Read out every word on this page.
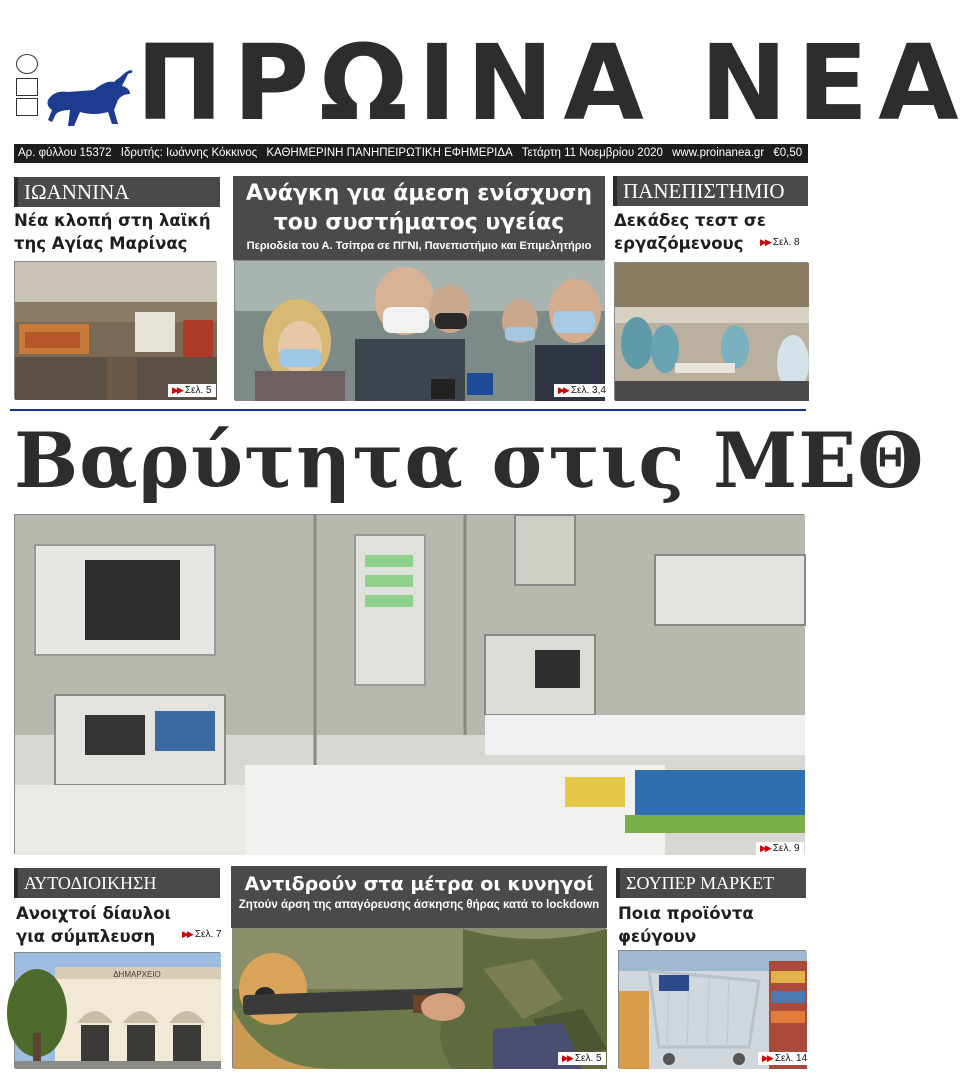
ΠΡΩΙΝΑ ΝΕΑ
Αρ. φύλλου 15372 Ιδρυτής: Ιωάννης Κόκκινος ΚΑΘΗΜΕΡΙΝΗ ΠΑΝΗΠΕΙΡΩΤΙΚΗ ΕΦΗΜΕΡΙΔΑ Τετάρτη 11 Νοεμβρίου 2020 www.proinanea.gr €0,50
ΙΩΑΝΝΙΝΑ
Νέα κλοπή στη λαϊκή
της Αγίας Μαρίνας
▶▶ Σελ. 5
Ανάγκη για άμεση ενίσχυση
του συστήματος υγείας
Περιοδεία του Α. Τσίπρα σε ΠΓΝΙ, Πανεπιστήμιο και Επιμελητήριο
▶▶ Σελ. 3,4
ΠΑΝΕΠΙΣΤΗΜΙΟ
Δεκάδες τεστ σε
εργαζόμενους	▶▶ Σελ. 8
Βαρύτητα στις ΜΕΘ
▶▶ Σελ. 9
ΑΥΤΟΔΙΟΙΚΗΣΗ
Ανοιχτοί δίαυλοι
για σύμπλευση	▶▶ Σελ. 7
ΔΗΜΑΡΧΕΙΟ
Αντιδρούν στα μέτρα οι κυνηγοί
Ζητούν άρση της απαγόρευσης άσκησης θήρας κατά το lockdown
▶▶ Σελ. 5
ΣΟΥΠΕΡ ΜΑΡΚΕΤ
Ποια προϊόντα φεύγουν
▶▶ Σελ. 14
